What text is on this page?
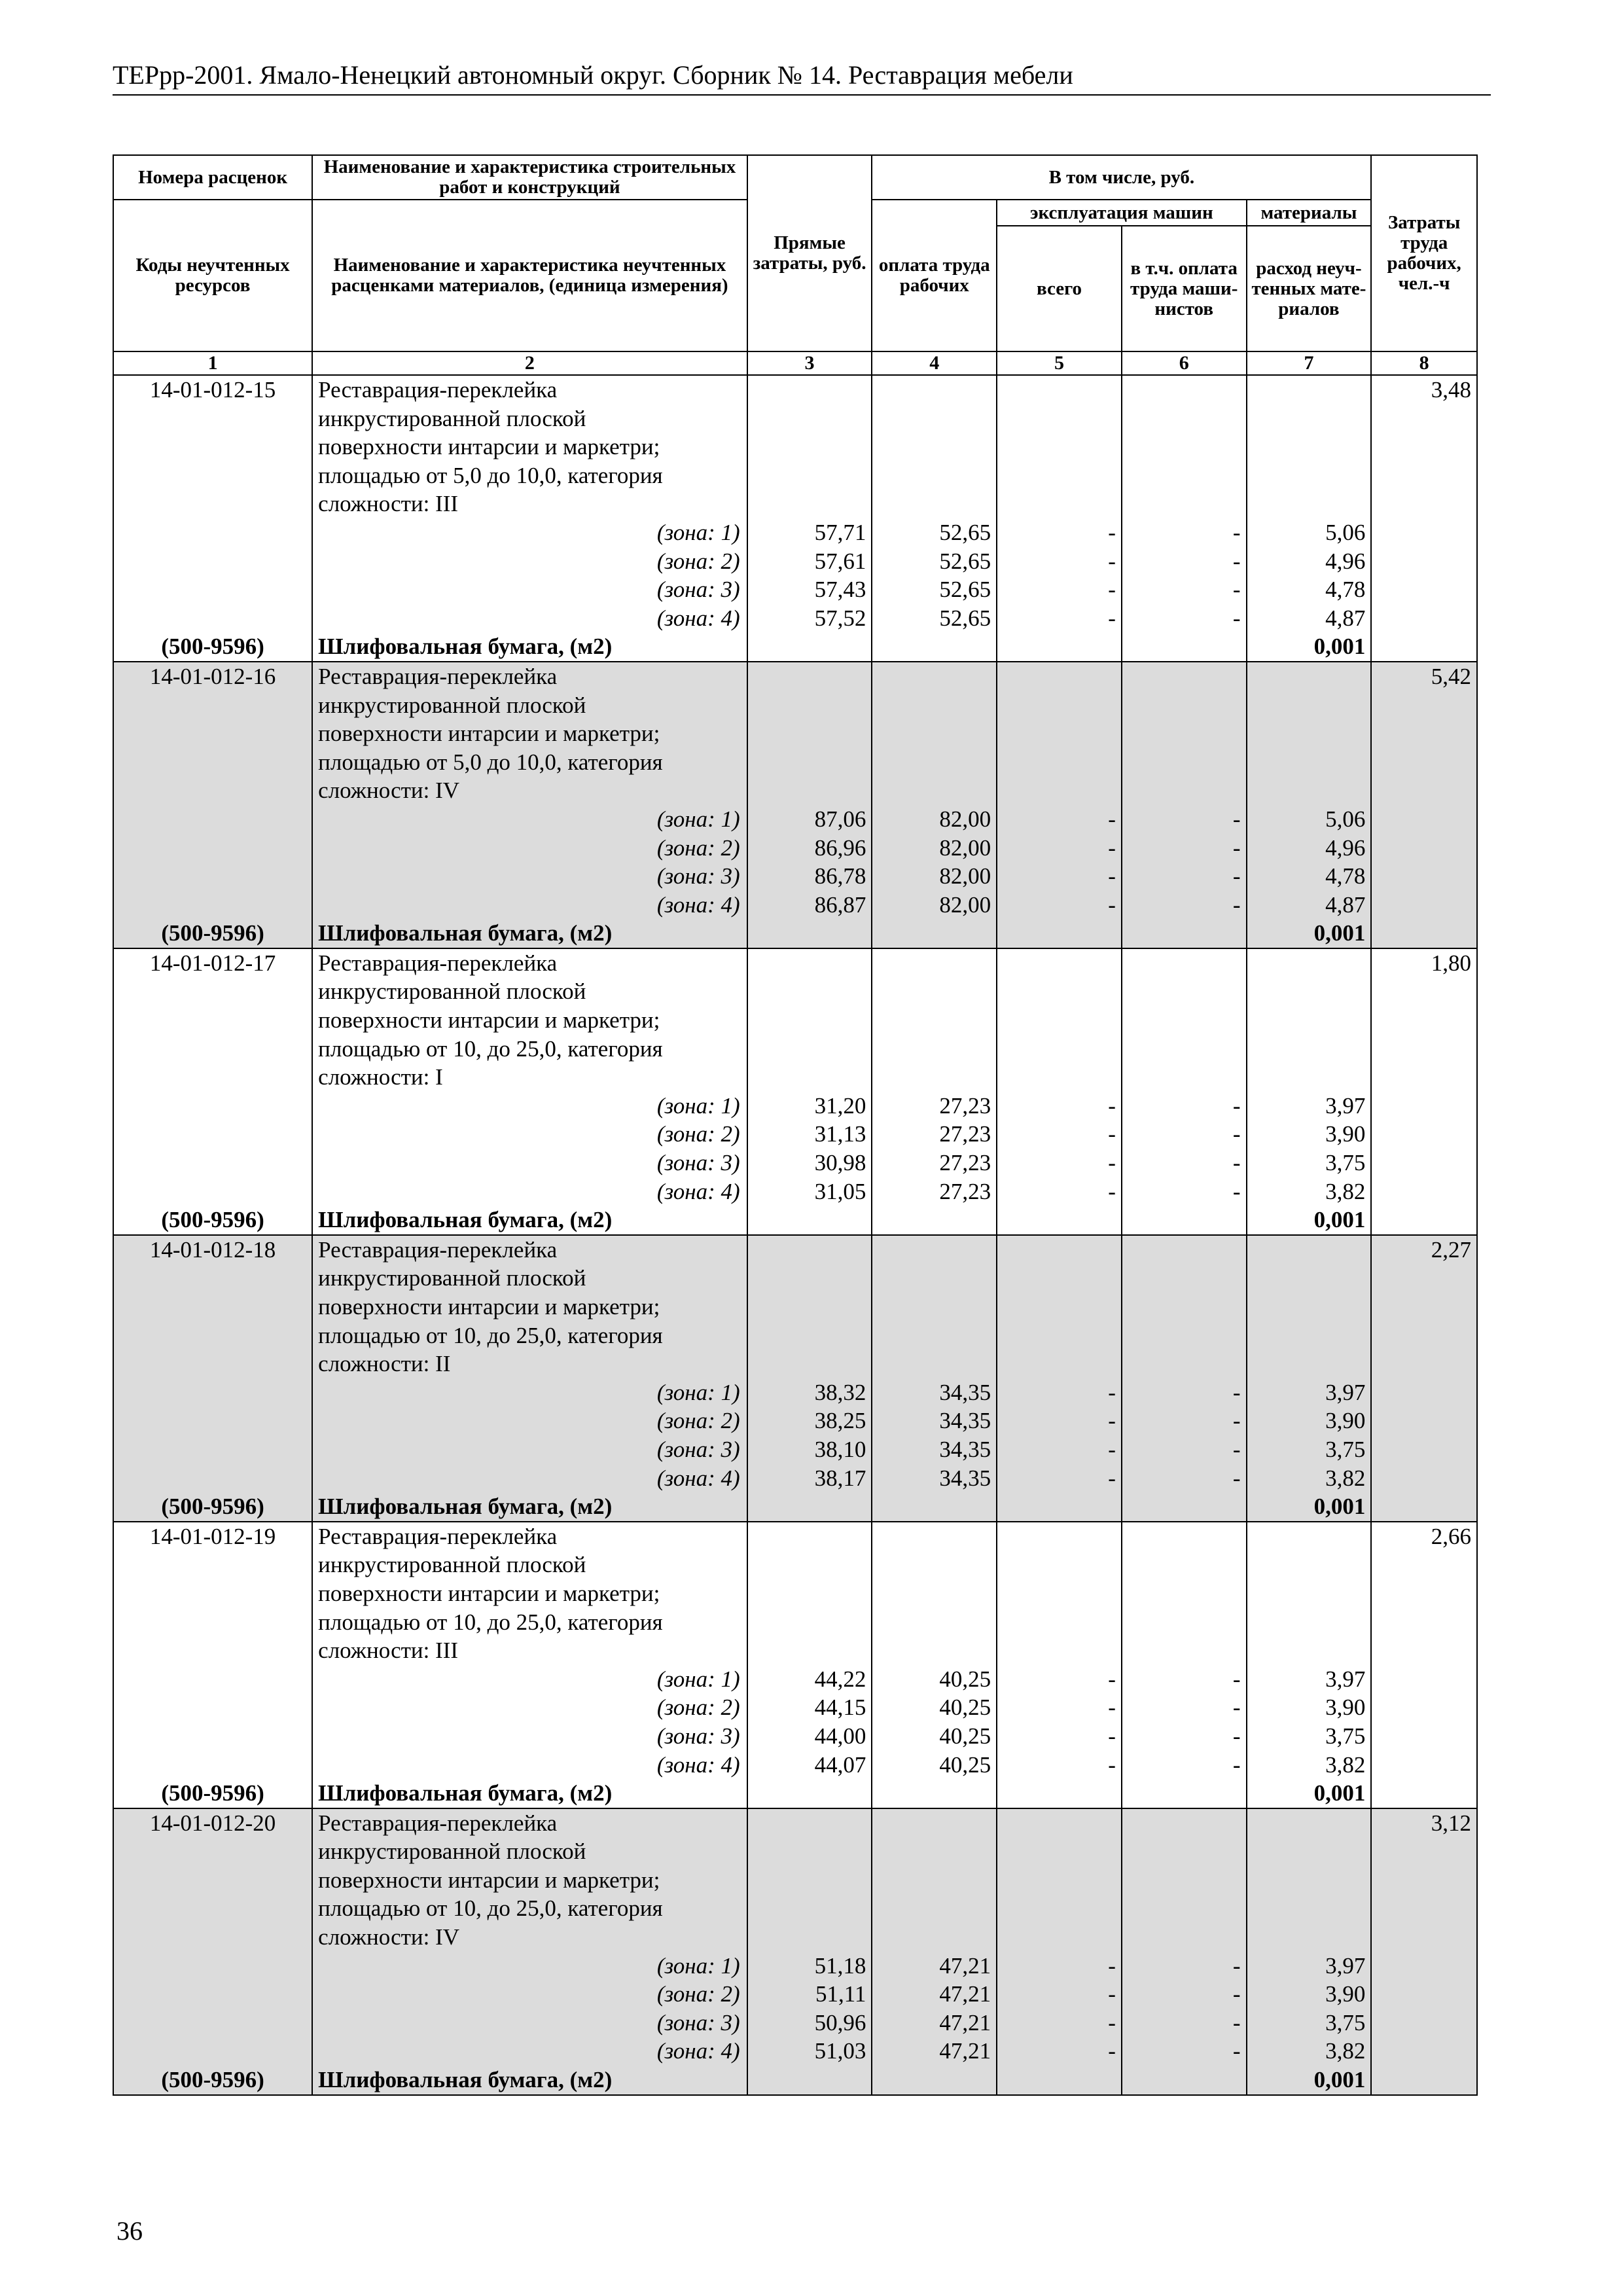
ТЕРрр-2001. Ямало-Ненецкий автономный округ. Сборник № 14. Реставрация мебели
Номера расценок	Наименование и характеристика строительных работ и конструкций	Прямые затраты, руб.	В том числе, руб.				Затраты труда рабочих, чел.-ч
Коды неучтенных ресурсов	Наименование и характеристика неучтенных расценками материалов, (единица измерения)		оплата труда рабочих	эксплуатация машин		материалы	
				всего	в т.ч. оплата труда маши-нистов	расход неуч-тенных мате-риалов	
1	2	3	4	5	6	7	8
14-01-012-15	Реставрация-переклейка						3,48
	инкрустированной плоской						
	поверхности интарсии и маркетри;						
	площадью от 5,0 до 10,0, категория						
	сложности: III						
	(зона: 1)	57,71	52,65	-	-	5,06	
	(зона: 2)	57,61	52,65	-	-	4,96	
	(зона: 3)	57,43	52,65	-	-	4,78	
	(зона: 4)	57,52	52,65	-	-	4,87	
(500-9596)	Шлифовальная бумага, (м2)					0,001	
14-01-012-16	Реставрация-переклейка						5,42
	инкрустированной плоской						
	поверхности интарсии и маркетри;						
	площадью от 5,0 до 10,0, категория						
	сложности: IV						
	(зона: 1)	87,06	82,00	-	-	5,06	
	(зона: 2)	86,96	82,00	-	-	4,96	
	(зона: 3)	86,78	82,00	-	-	4,78	
	(зона: 4)	86,87	82,00	-	-	4,87	
(500-9596)	Шлифовальная бумага, (м2)					0,001	
14-01-012-17	Реставрация-переклейка						1,80
	инкрустированной плоской						
	поверхности интарсии и маркетри;						
	площадью от 10, до 25,0, категория						
	сложности: I						
	(зона: 1)	31,20	27,23	-	-	3,97	
	(зона: 2)	31,13	27,23	-	-	3,90	
	(зона: 3)	30,98	27,23	-	-	3,75	
	(зона: 4)	31,05	27,23	-	-	3,82	
(500-9596)	Шлифовальная бумага, (м2)					0,001	
14-01-012-18	Реставрация-переклейка						2,27
	инкрустированной плоской						
	поверхности интарсии и маркетри;						
	площадью от 10, до 25,0, категория						
	сложности: II						
	(зона: 1)	38,32	34,35	-	-	3,97	
	(зона: 2)	38,25	34,35	-	-	3,90	
	(зона: 3)	38,10	34,35	-	-	3,75	
	(зона: 4)	38,17	34,35	-	-	3,82	
(500-9596)	Шлифовальная бумага, (м2)					0,001	
14-01-012-19	Реставрация-переклейка						2,66
	инкрустированной плоской						
	поверхности интарсии и маркетри;						
	площадью от 10, до 25,0, категория						
	сложности: III						
	(зона: 1)	44,22	40,25	-	-	3,97	
	(зона: 2)	44,15	40,25	-	-	3,90	
	(зона: 3)	44,00	40,25	-	-	3,75	
	(зона: 4)	44,07	40,25	-	-	3,82	
(500-9596)	Шлифовальная бумага, (м2)					0,001	
14-01-012-20	Реставрация-переклейка						3,12
	инкрустированной плоской						
	поверхности интарсии и маркетри;						
	площадью от 10, до 25,0, категория						
	сложности: IV						
	(зона: 1)	51,18	47,21	-	-	3,97	
	(зона: 2)	51,11	47,21	-	-	3,90	
	(зона: 3)	50,96	47,21	-	-	3,75	
	(зона: 4)	51,03	47,21	-	-	3,82	
(500-9596)	Шлифовальная бумага, (м2)					0,001	
36
